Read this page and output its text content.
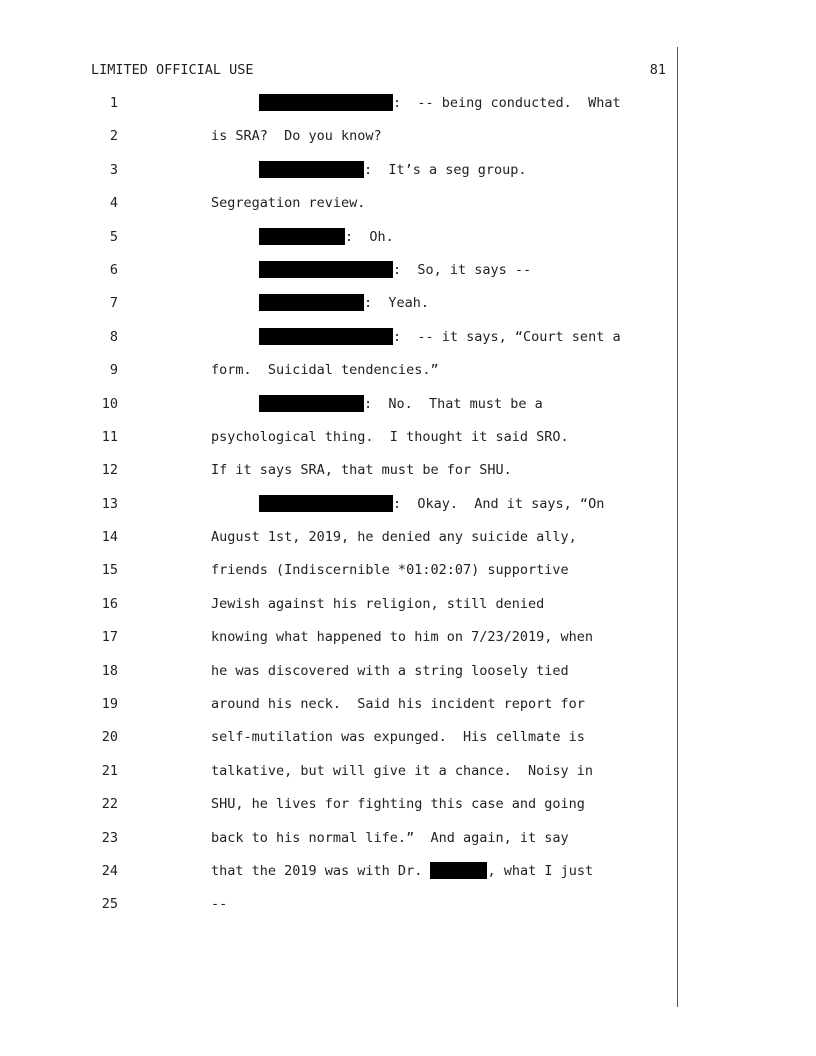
LIMITED OFFICIAL USE	81
1	:  -- being conducted.  What
2	is SRA?  Do you know?
3	:  It’s a seg group.
4	Segregation review.
5	:  Oh.
6	:  So, it says --
7	:  Yeah.
8	:  -- it says, “Court sent a
9	form.  Suicidal tendencies.”
10	:  No.  That must be a
11	psychological thing.  I thought it said SRO.
12	If it says SRA, that must be for SHU.
13	:  Okay.  And it says, “On
14	August 1st, 2019, he denied any suicide ally,
15	friends (Indiscernible *01:02:07) supportive
16	Jewish against his religion, still denied
17	knowing what happened to him on 7/23/2019, when
18	he was discovered with a string loosely tied
19	around his neck.  Said his incident report for
20	self-mutilation was expunged.  His cellmate is
21	talkative, but will give it a chance.  Noisy in
22	SHU, he lives for fighting this case and going
23	back to his normal life.”  And again, it say
24	that the 2019 was with Dr.	, what I just
25	--
